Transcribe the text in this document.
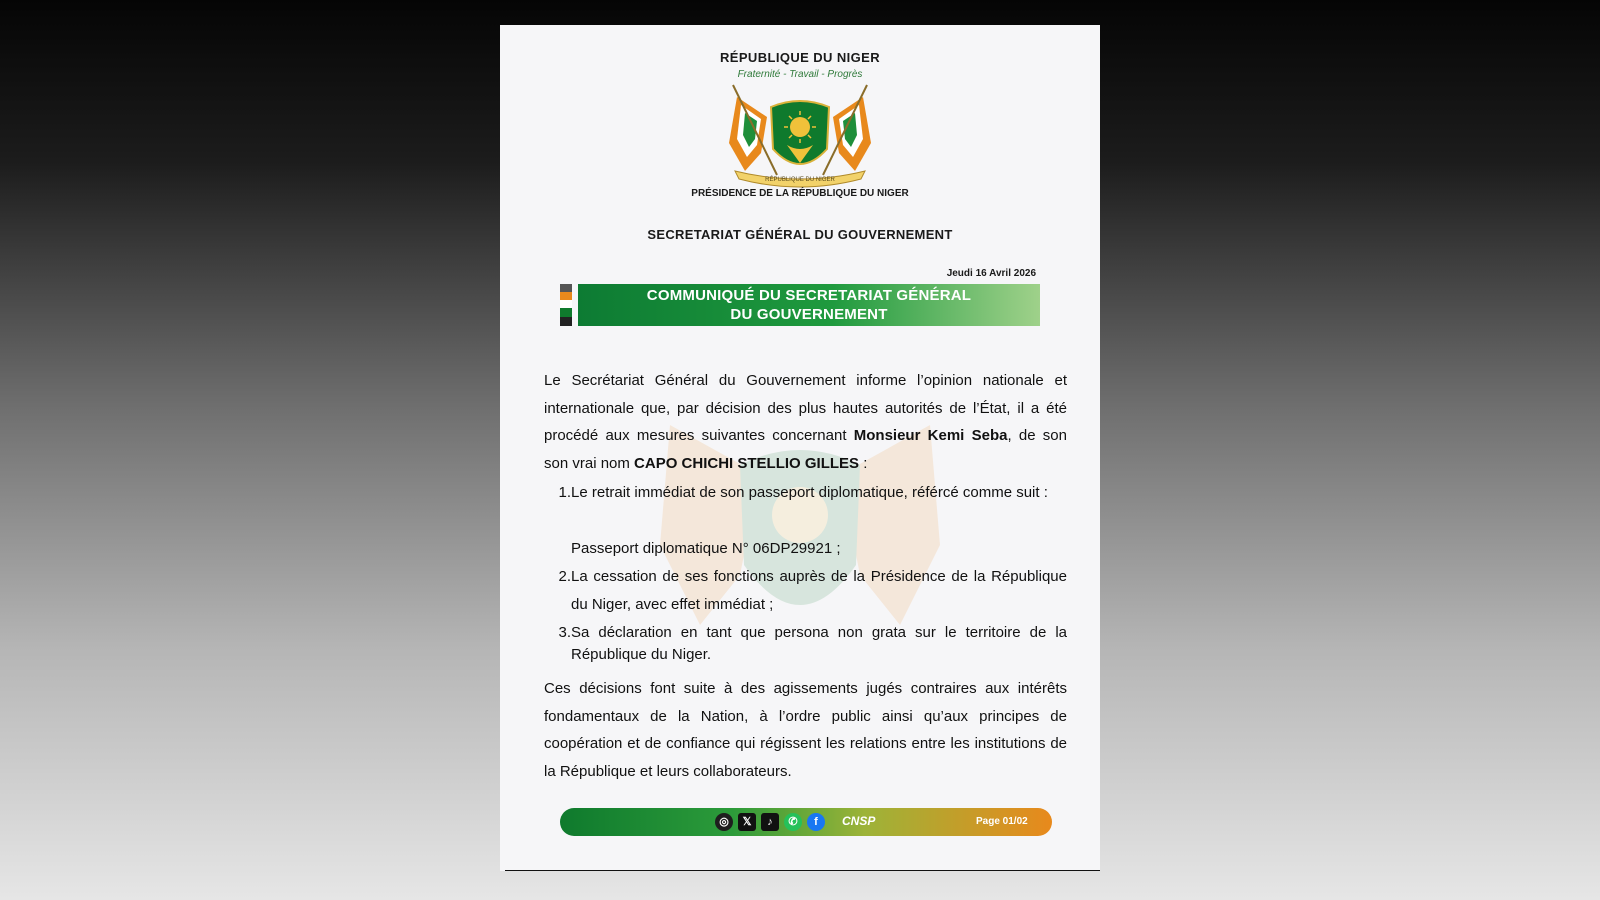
RÉPUBLIQUE DU NIGER
Fraternité - Travail - Progrès
RÉPUBLIQUE DU NIGER
PRÉSIDENCE DE LA RÉPUBLIQUE DU NIGER
SECRETARIAT GÉNÉRAL DU GOUVERNEMENT
Jeudi 16 Avril 2026
COMMUNIQUÉ DU SECRETARIAT GÉNÉRAL
DU GOUVERNEMENT
Le Secrétariat Général du Gouvernement informe l’opinion nationale et internationale que, par décision des plus hautes autorités de l’État, il a été procédé aux mesures suivantes concernant Monsieur Kemi Seba, de son son vrai nom CAPO CHICHI STELLIO GILLES :
1. Le retrait immédiat de son passeport diplomatique, référcé comme suit :
Passeport diplomatique N° 06DP29921 ;
2. La cessation de ses fonctions auprès de la Présidence de la République du Niger, avec effet immédiat ;
3. Sa déclaration en tant que persona non grata sur le territoire de la République du Niger.
Ces décisions font suite à des agissements jugés contraires aux intérêts fondamentaux de la Nation, à l’ordre public ainsi qu’aux principes de coopération et de confiance qui régissent les relations entre les institutions de la République et leurs collaborateurs.
◎	𝕏	♪	✆	f	CNSP	Page 01/02
